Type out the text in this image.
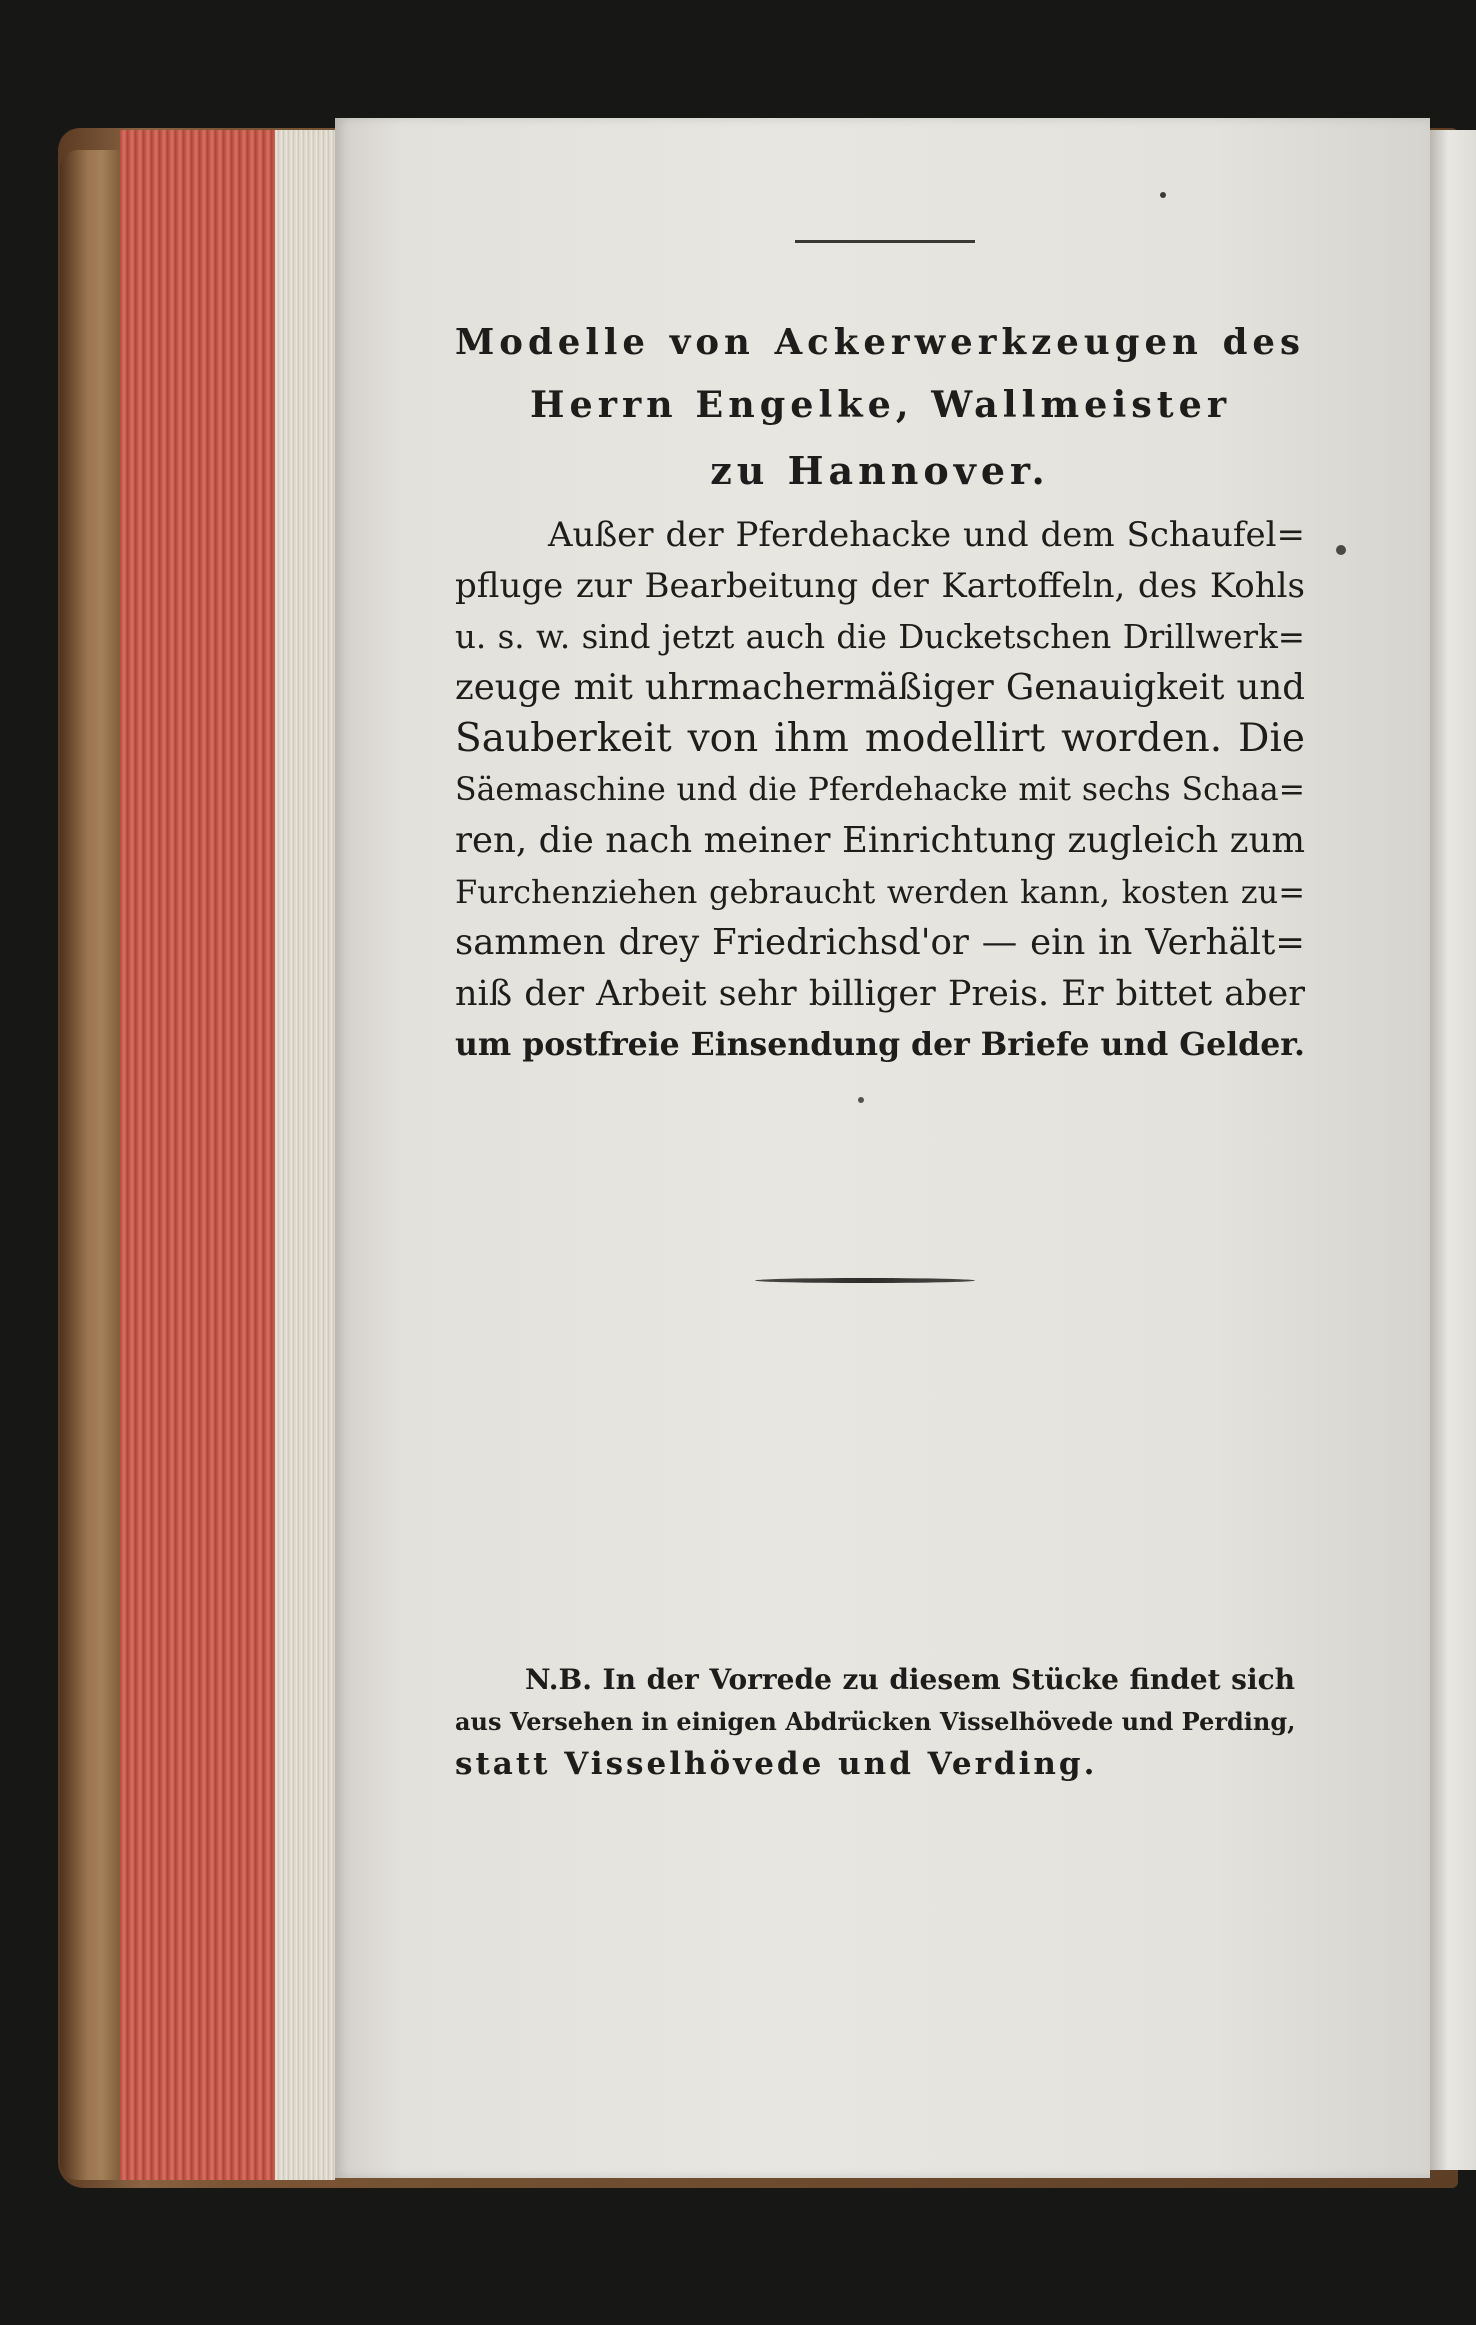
Modelle von Ackerwerkzeugen des
Herrn Engelke, Wallmeister
zu Hannover.
Außer der Pferdehacke und dem Schaufel=
pfluge zur Bearbeitung der Kartoffeln, des Kohls
u. s. w. sind jetzt auch die Ducketschen Drillwerk=
zeuge mit uhrmachermäßiger Genauigkeit und
Sauberkeit von ihm modellirt worden. Die
Säemaschine und die Pferdehacke mit sechs Schaa=
ren, die nach meiner Einrichtung zugleich zum
Furchenziehen gebraucht werden kann, kosten zu=
sammen drey Friedrichsd'or — ein in Verhält=
niß der Arbeit sehr billiger Preis. Er bittet aber
um postfreie Einsendung der Briefe und Gelder.
N.B. In der Vorrede zu diesem Stücke findet sich
aus Versehen in einigen Abdrücken Visselhövede und Perding,
statt Visselhövede und Verding.
